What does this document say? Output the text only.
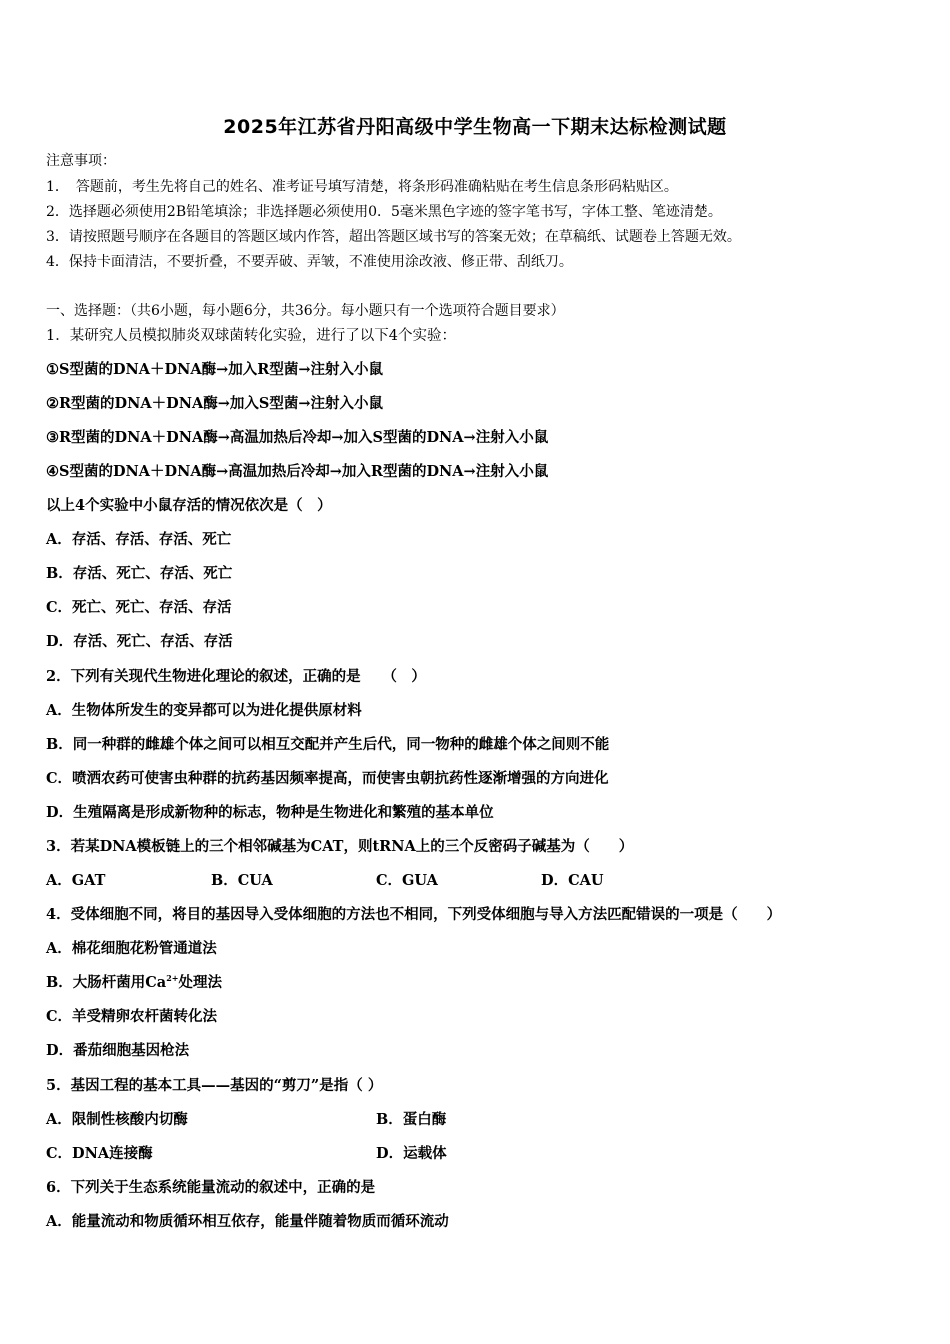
2025年江苏省丹阳高级中学生物高一下期末达标检测试题
注意事项：
1．　答题前，考生先将自己的姓名、准考证号填写清楚，将条形码准确粘贴在考生信息条形码粘贴区。
2．选择题必须使用2B铅笔填涂；非选择题必须使用0．5毫米黑色字迹的签字笔书写，字体工整、笔迹清楚。
3．请按照题号顺序在各题目的答题区域内作答，超出答题区域书写的答案无效；在草稿纸、试题卷上答题无效。
4．保持卡面清洁，不要折叠，不要弄破、弄皱，不准使用涂改液、修正带、刮纸刀。
一、选择题：（共6小题，每小题6分，共36分。每小题只有一个选项符合题目要求）
1．某研究人员模拟肺炎双球菌转化实验，进行了以下4个实验：
①S型菌的DNA＋DNA酶→加入R型菌→注射入小鼠
②R型菌的DNA＋DNA酶→加入S型菌→注射入小鼠
③R型菌的DNA＋DNA酶→高温加热后冷却→加入S型菌的DNA→注射入小鼠
④S型菌的DNA＋DNA酶→高温加热后冷却→加入R型菌的DNA→注射入小鼠
以上4个实验中小鼠存活的情况依次是（　）
A．存活、存活、存活、死亡
B．存活、死亡、存活、死亡
C．死亡、死亡、存活、存活
D．存活、死亡、存活、存活
2．下列有关现代生物进化理论的叙述，正确的是　　（　）
A．生物体所发生的变异都可以为进化提供原材料
B．同一种群的雌雄个体之间可以相互交配并产生后代，同一物种的雌雄个体之间则不能
C．喷洒农药可使害虫种群的抗药基因频率提高，而使害虫朝抗药性逐渐增强的方向进化
D．生殖隔离是形成新物种的标志，物种是生物进化和繁殖的基本单位
3．若某DNA模板链上的三个相邻碱基为CAT，则tRNA上的三个反密码子碱基为（　　）
A．GAT	B．CUA	C．GUA	D．CAU
4．受体细胞不同，将目的基因导入受体细胞的方法也不相同，下列受体细胞与导入方法匹配错误的一项是（　　）
A．棉花细胞花粉管通道法
B．大肠杆菌用$Ca^{2+}$处理法
C．羊受精卵农杆菌转化法
D．番茄细胞基因枪法
5．基因工程的基本工具——基因的“剪刀”是指（ ）
A．限制性核酸内切酶	B．蛋白酶
C．DNA连接酶	D．运载体
6．下列关于生态系统能量流动的叙述中，正确的是
A．能量流动和物质循环相互依存，能量伴随着物质而循环流动
